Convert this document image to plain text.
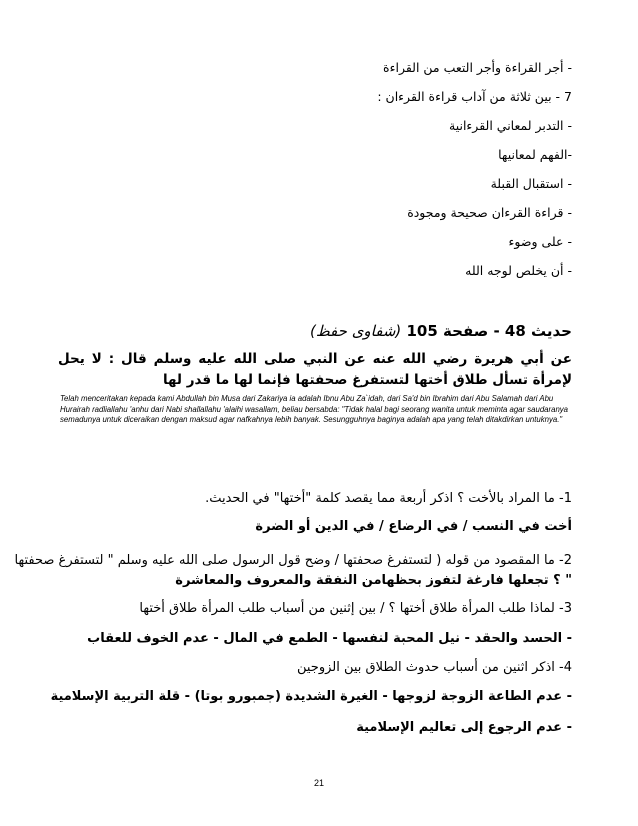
- أجر القراءة وأجر التعب من القراءة
7 - بين ثلاثة من آداب قراءة القرءان :
- التدبر لمعاني القرءانية
-الفهم لمعانيها
- استقبال القبلة
- قراءة القرءان صحيحة ومجودة
- على وضوء
- أن يخلص لوجه الله
حديث 48 - صفحة 105 (شفاوى حفظ)
عن أبي هريرة رضي الله عنه عن النبي صلى الله عليه وسلم قال : لا يحل لإمرأة تسأل طلاق أختها لتستفرغ صحفتها فإنما لها ما قدر لها
Telah menceritakan kepada kami Abdullah bin Musa dari Zakariya ia adalah Ibnu Abu Za`idah, dari Sa'd bin Ibrahim dari Abu Salamah dari Abu Hurairah radliallahu 'anhu dari Nabi shallallahu 'alaihi wasallam, beliau bersabda: "Tidak halal bagi seorang wanita untuk meminta agar saudaranya semadunya untuk diceraikan dengan maksud agar nafkahnya lebih banyak. Sesungguhnya baginya adalah apa yang telah ditakdirkan untuknya."
1- ما المراد بالأخت ؟ اذكر أربعة مما يقصد كلمة "أختها" في الحديث.
أخت في النسب / في الرضاع / في الدين أو الضرة
2- ما المقصود من قوله ( لتستفرغ صحفتها / وضح قول الرسول صلى الله عليه وسلم " لتستفرغ صحفتها
" ؟ تجعلها فارغة لتفوز بحظهامن النفقة والمعروف والمعاشرة
3- لماذا طلب المرأة طلاق أختها ؟ / بين إثنين من أسباب طلب المرأة طلاق أختها
- الحسد والحقد - نيل المحبة لنفسها - الطمع في المال - عدم الخوف للعقاب
4- اذكر اثنين من أسباب حدوث الطلاق بين الزوجين
- عدم الطاعة الزوجة لزوجها - الغيرة الشديدة (جمبورو بوتا) - قلة التربية الإسلامية
- عدم الرجوع إلى تعاليم الإسلامية
21
